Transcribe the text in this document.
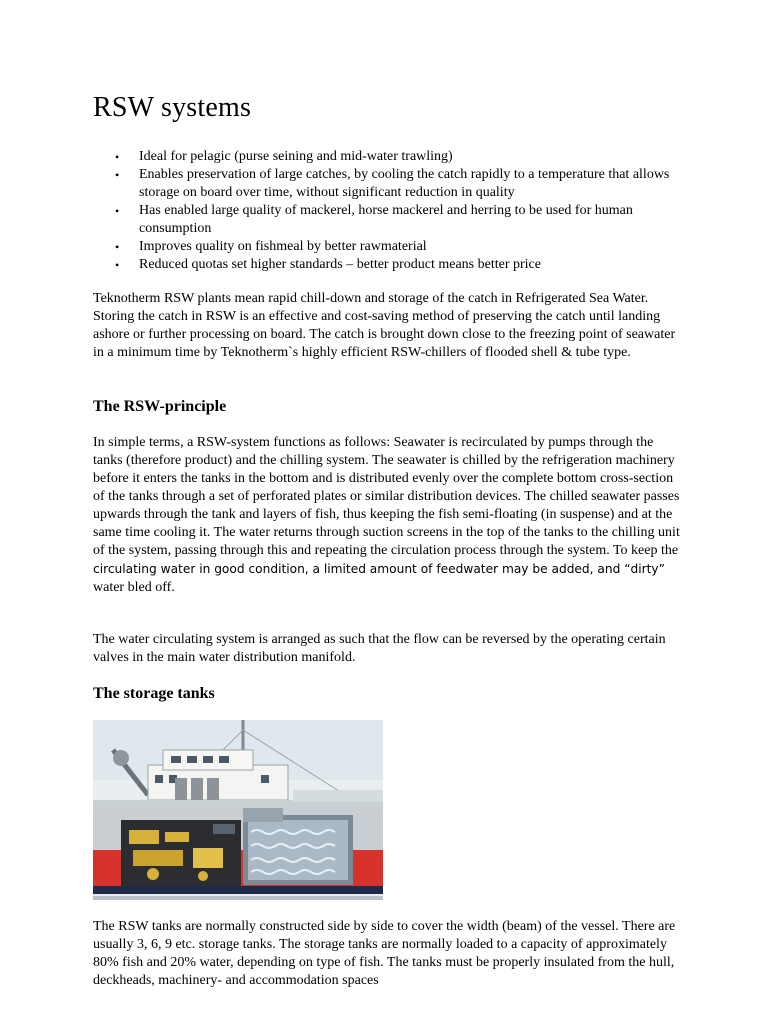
RSW systems
• Ideal for pelagic (purse seining and mid-water trawling)
• Enables preservation of large catches, by cooling the catch rapidly to a temperature that allows storage on board over time, without significant reduction in quality
• Has enabled large quality of mackerel, horse mackerel and herring to be used for human consumption
• Improves quality on fishmeal by better rawmaterial
• Reduced quotas set higher standards – better product means better price

Teknotherm RSW plants mean rapid chill-down and storage of the catch in Refrigerated Sea Water. Storing the catch in RSW is an effective and cost-saving method of preserving the catch until landing ashore or further processing on board. The catch is brought down close to the freezing point of seawater in a minimum time by Teknotherm`s highly efficient RSW-chillers of flooded shell & tube type.

The RSW-principle

In simple terms, a RSW-system functions as follows: Seawater is recirculated by pumps through the tanks (therefore product) and the chilling system. The seawater is chilled by the refrigeration machinery before it enters the tanks in the bottom and is distributed evenly over the complete bottom cross-section of the tanks through a set of perforated plates or similar distribution devices. The chilled seawater passes upwards through the tank and layers of fish, thus keeping the fish semi-floating (in suspense) and at the same time cooling it. The water returns through suction screens in the top of the tanks to the chilling unit of the system, passing through this and repeating the circulation process through the system. To keep the circulating water in good condition, a limited amount of feedwater may be added, and “dirty” water bled off.

The water circulating system is arranged as such that the flow can be reversed by the operating certain valves in the main water distribution manifold.

The storage tanks

The RSW tanks are normally constructed side by side to cover the width (beam) of the vessel. There are usually 3, 6, 9 etc. storage tanks. The storage tanks are normally loaded to a capacity of approximately 80% fish and 20% water, depending on type of fish. The tanks must be properly insulated from the hull, deckheads, machinery- and accommodation spaces
